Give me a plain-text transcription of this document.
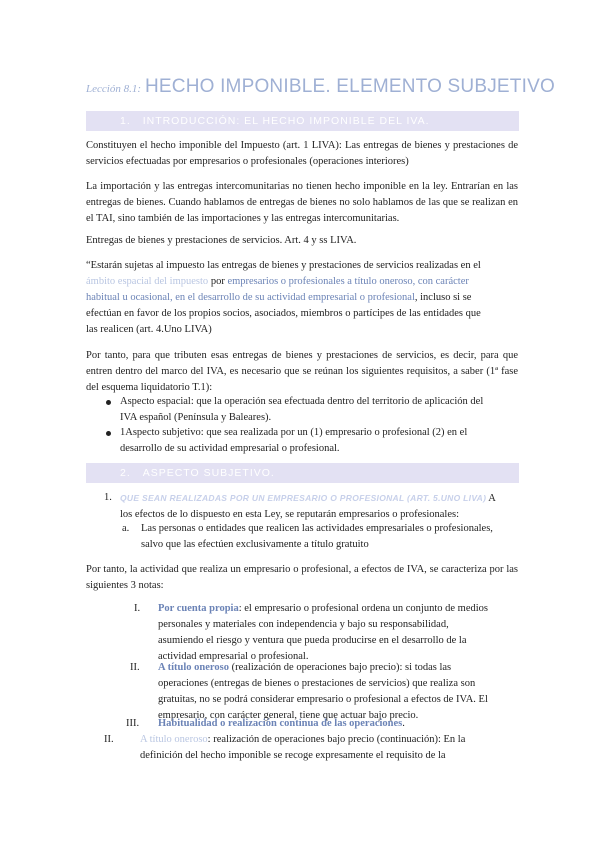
Lección 8.1: HECHO IMPONIBLE. ELEMENTO SUBJETIVO
1. INTRODUCCIÓN: EL HECHO IMPONIBLE DEL IVA.

Constituyen el hecho imponible del Impuesto (art. 1 LIVA): Las entregas de bienes y prestaciones de servicios efectuadas por empresarios o profesionales (operaciones interiores)

La importación y las entregas intercomunitarias no tienen hecho imponible en la ley. Entrarían en las entregas de bienes. Cuando hablamos de entregas de bienes no solo hablamos de las que se realizan en el TAI, sino también de las importaciones y las entregas intercomunitarias.

Entregas de bienes y prestaciones de servicios. Art. 4 y ss LIVA.

“Estarán sujetas al impuesto las entregas de bienes y prestaciones de servicios realizadas en el
ámbito espacial del impuesto por empresarios o profesionales a título oneroso, con carácter
habitual u ocasional, en el desarrollo de su actividad empresarial o profesional, incluso si se
efectúan en favor de los propios socios, asociados, miembros o partícipes de las entidades que
las realicen (art. 4.Uno LIVA)

Por tanto, para que tributen esas entregas de bienes y prestaciones de servicios, es decir, para que entren dentro del marco del IVA, es necesario que se reúnan los siguientes requisitos, a saber (1ª fase del esquema liquidatorio T.1):

Aspecto espacial: que la operación sea efectuada dentro del territorio de aplicación del
IVA español (Península y Baleares).
1Aspecto subjetivo: que sea realizada por un (1) empresario o profesional (2) en el
desarrollo de su actividad empresarial o profesional.
2. ASPECTO SUBJETIVO.
1. QUE SEAN REALIZADAS POR UN EMPRESARIO O PROFESIONAL (ART. 5.UNO LIVA) A
los efectos de lo dispuesto en esta Ley, se reputarán empresarios o profesionales:
a. Las personas o entidades que realicen las actividades empresariales o profesionales,
salvo que las efectúen exclusivamente a título gratuito

Por tanto, la actividad que realiza un empresario o profesional, a efectos de IVA, se caracteriza por las siguientes 3 notas:

I. Por cuenta propia: el empresario o profesional ordena un conjunto de medios
personales y materiales con independencia y bajo su responsabilidad,
asumiendo el riesgo y ventura que pueda producirse en el desarrollo de la
actividad empresarial o profesional.
II. A título oneroso (realización de operaciones bajo precio): si todas las
operaciones (entregas de bienes o prestaciones de servicios) que realiza son
gratuitas, no se podrá considerar empresario o profesional a efectos de IVA. El
empresario, con carácter general, tiene que actuar bajo precio.
III. Habitualidad o realización continua de las operaciones.
II.	A título oneroso: realización de operaciones bajo precio (continuación): En la
definición del hecho imponible se recoge expresamente el requisito de la
